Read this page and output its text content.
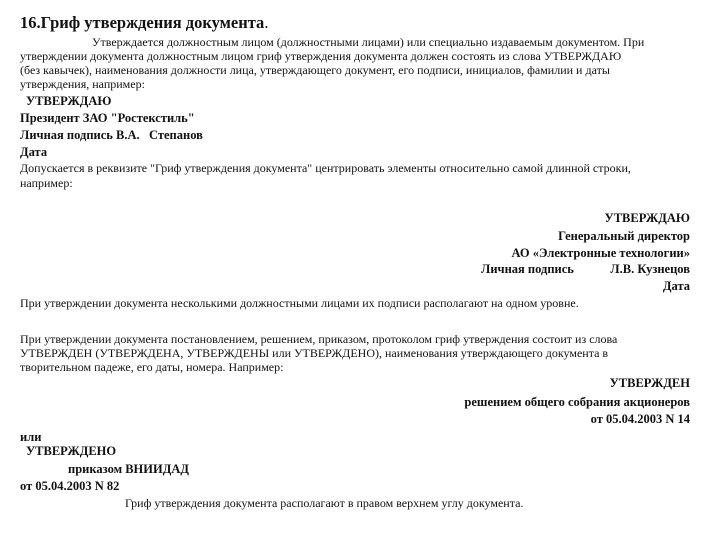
16.Гриф утверждения документа.
Утверждается должностным лицом (должностными лицами) или специально издаваемым документом. При
утверждении документа должностным лицом гриф утверждения документа должен состоять из слова УТВЕРЖДАЮ
(без кавычек), наименования должности лица, утверждающего документ, его подписи, инициалов, фамилии и даты
утверждения, например:
УТВЕРЖДАЮ
Президент ЗАО "Ростекстиль"
Личная подпись В.А.   Степанов
Дата
Допускается в реквизите "Гриф утверждения документа" центрировать элементы относительно самой длинной строки,
например:
УТВЕРЖДАЮ
Генеральный директор
АО «Электронные технологии»
Личная подпись	Л.В. Кузнецов
Дата
При утверждении документа несколькими должностными лицами их подписи располагают на одном уровне.
При утверждении документа постановлением, решением, приказом, протоколом гриф утверждения состоит из слова
УТВЕРЖДЕН (УТВЕРЖДЕНА, УТВЕРЖДЕНЫ или УТВЕРЖДЕНО), наименования утверждающего документа в
творительном падеже, его даты, номера. Например:
УТВЕРЖДЕН
решением общего собрания акционеров
от 05.04.2003 N 14
или
УТВЕРЖДЕНО
приказом ВНИИДАД
от 05.04.2003 N 82
Гриф утверждения документа располагают в правом верхнем углу документа.
